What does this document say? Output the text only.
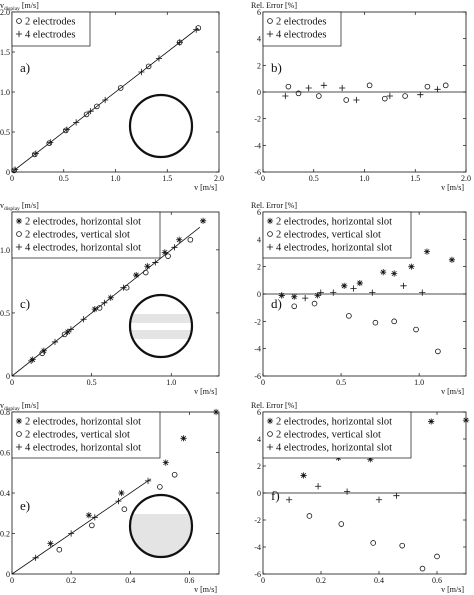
0	0.5	1.0	1.5	2.0
0
0.5
1.0
1.5
2.0
v [m/s]
$v_{display}$ [m/s]
2 electrodes
4 electrodes
a)
0	0.5	1.0	1.5	2.0
-6
-4
-2
0
2
4
6
v [m/s]
Rel. Error [%]
2 electrodes
4 electrodes
b)
0	0.5	1.0
0
0.5
1.0
v [m/s]
$v_{display}$ [m/s]
2 electrodes, horizontal slot
2 electrodes, vertical slot
4 electrodes, horizontal slot
c)
0	0.5	1.0
-6
-4
-2
0
2
4
6
v [m/s]
Rel. Error [%]
2 electrodes, horizontal slot
2 electrodes, vertical slot
4 electrodes, horizontal slot
d)
0	0.2	0.4	0.6
0
0.2
0.4
0.6
0.8
v [m/s]
$v_{display}$ [m/s]
2 electrodes, horizontal slot
2 electrodes, vertical slot
4 electrodes, horizontal slot
e)
0	0.2	0.4	0.6
-6
-4
-2
0
2
4
6
v [m/s]
Rel. Error [%]
2 electrodes, horizontal slot
2 electrodes, vertical slot
4 electrodes, horizontal slot
f)
